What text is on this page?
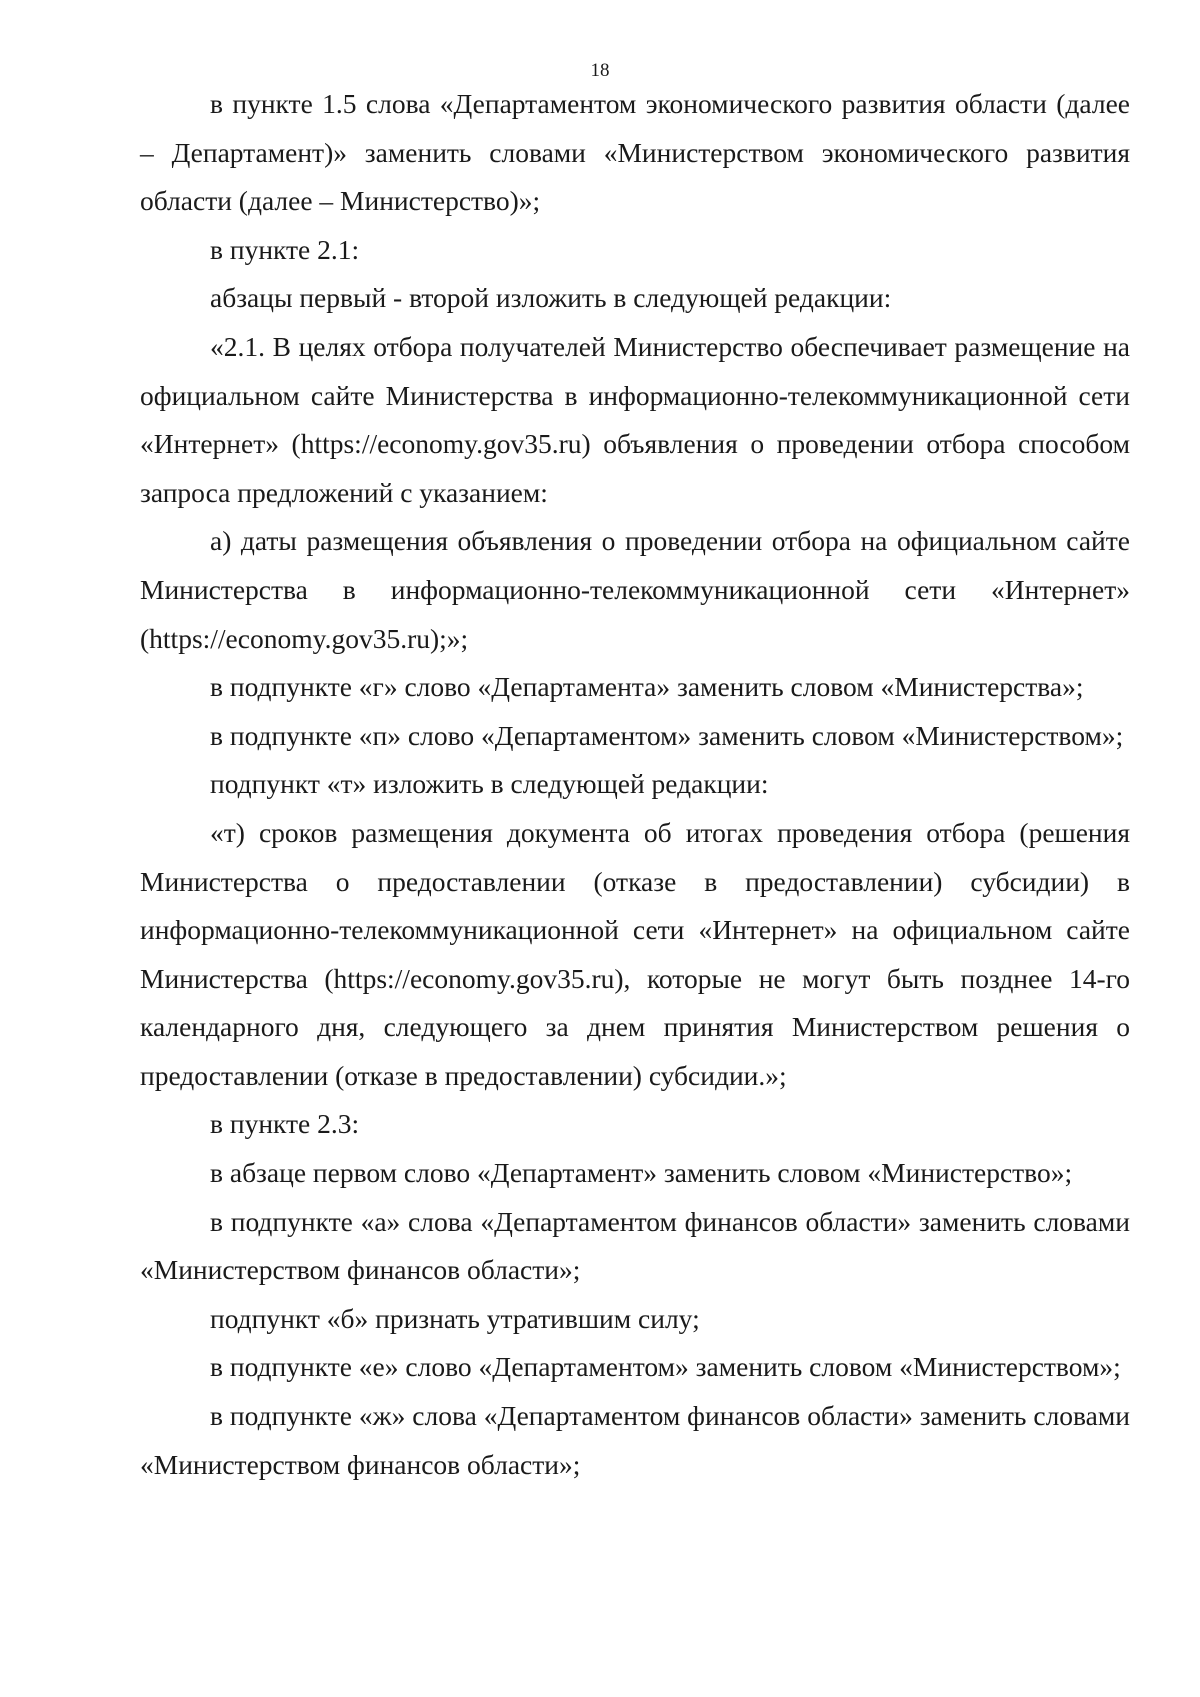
18

в пункте 1.5 слова «Департаментом экономического развития области (далее – Департамент)» заменить словами «Министерством экономического развития области (далее – Министерство)»;

в пункте 2.1:

абзацы первый - второй изложить в следующей редакции:

«2.1. В целях отбора получателей Министерство обеспечивает размещение на официальном сайте Министерства в информационно-телекоммуникационной сети «Интернет» (https://economy.gov35.ru) объявления о проведении отбора способом запроса предложений с указанием:

а) даты размещения объявления о проведении отбора на официальном сайте Министерства в информационно-телекоммуникационной сети «Интернет» (https://economy.gov35.ru);»;

в подпункте «г» слово «Департамента» заменить словом «Министерства»;

в подпункте «п» слово «Департаментом» заменить словом «Министерством»;

подпункт «т» изложить в следующей редакции:

«т) сроков размещения документа об итогах проведения отбора (решения Министерства о предоставлении (отказе в предоставлении) субсидии) в информационно-телекоммуникационной сети «Интернет» на официальном сайте Министерства (https://economy.gov35.ru), которые не могут быть позднее 14-го календарного дня, следующего за днем принятия Министерством решения о предоставлении (отказе в предоставлении) субсидии.»;

в пункте 2.3:

в абзаце первом слово «Департамент» заменить словом «Министерство»;

в подпункте «а» слова «Департаментом финансов области» заменить словами «Министерством финансов области»;

подпункт «б» признать утратившим силу;

в подпункте «е» слово «Департаментом» заменить словом «Министерством»;

в подпункте «ж» слова «Департаментом финансов области» заменить словами «Министерством финансов области»;
